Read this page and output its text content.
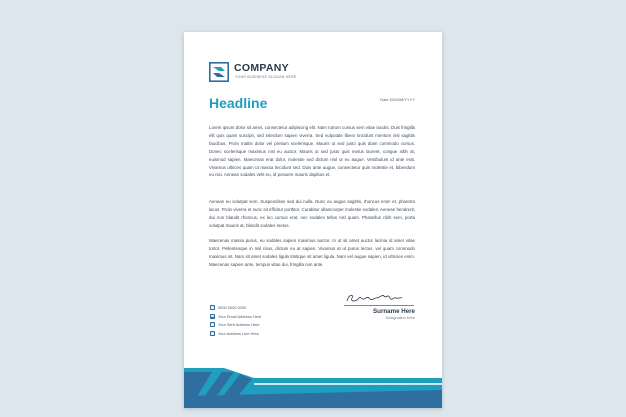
COMPANY
YOUR BUSINESS SLOGAN HERE
Headline	Date DD/MM/YYYY

Lorem ipsum dolor sit amet, consectetur adipiscing elit. Nam rutrum cursus sem vitae iaculis. Duis fringilla elit quis quam suscipit, sed interdum sapien viverra. Sed vulputate libero tincidunt mentum nisl sagittis faucibus. Proin mattis dolor vel pretium scelerisque. Mauris ut sed justo quis diam commodo cursus. Donec scelerisque maximus nisl eu auctor. Mauris ut sed justo quis metus laoreet, congue nibh at, euismod sapien. Maecenas erat dolor, molestie sed dictum nisl ut eu augue. Vestibulum id ante erat. Vivamus ultrices quam ut massa tincidunt sed. Duis ante augue, consectetur quis molestie et, bibendum eu nisi. Aenean sodales velit eu, id posuere mauris dapibus et.

Aenean eu volutpat sem. Suspendisse sed dui nulla. Nunc eu augue sagittis, rhoncus enim et, pharetra lacus. Proin viverra et nunc sit efficitur porttitor. Curabitur ullamcorper molestie sodales. Aenean hendrerit, dui non blandit rhoncus, ex leo cursus erat, nec sodales tellus nisl quam. Phasellus nibh sem, porta volutpat mauris at, blandit sodales metus.

Maecenas massa purus, eu sodales sapien maximus auctor. In ut sit amet auctor lacinia id amet vitae tortor. Pellentesque in nisl risus, dictum eu at sapien. Vivamus at ut purus lectus, vel quam commodo maximus sit. Nam sit amet sodales ligula tristique sit amet ligula. Nam vel augue sapien, id ultricies enim. Maecenas sapien ante, tempus vitae dui, fringilla non ante.

Surname Here
Designation Here
0000 0000 0000
Your Email Address Here
Your Web Address Here
Your Address Line Here
